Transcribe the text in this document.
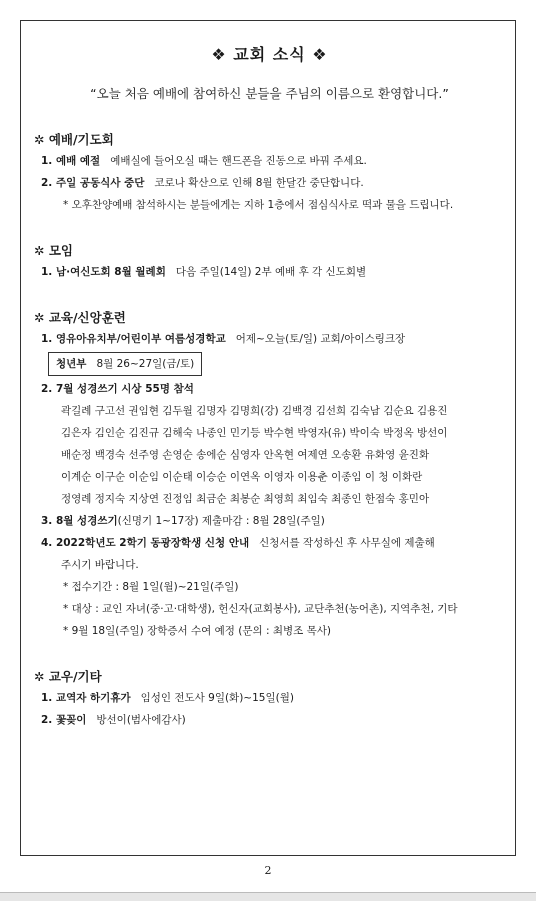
❖ 교회 소식 ❖
“오늘 처음 예배에 참여하신 분들을 주님의 이름으로 환영합니다.”
✲ 예배/기도회
1. 예배 예절 예배실에 들어오실 때는 핸드폰을 진동으로 바꿔 주세요.
2. 주일 공동식사 중단 코로나 확산으로 인해 8월 한달간 중단합니다.
* 오후찬양예배 참석하시는 분들에게는 지하 1층에서 점심식사로 떡과 물을 드립니다.
✲ 모임
1. 남·여신도회 8월 월례회 다음 주일(14일) 2부 예배 후 각 신도회별
✲ 교육/신앙훈련
1. 영유아유치부/어린이부 여름성경학교 어제~오늘(토/일) 교회/아이스링크장
청년부 8월 26~27일(금/토)
2. 7월 성경쓰기 시상 55명 참석
곽길례 구고선 권임현 김두월 김명자 김명희(강) 김백경 김선희 김숙남 김순요 김용진
김은자 김인순 김진규 김해숙 나종인 민기등 박수현 박영자(유) 박이숙 박정옥 방선이
배순정 백경숙 선주영 손영순 송에순 심영자 안옥현 여제연 오송환 유화영 윤진화
이계순 이구순 이순임 이순태 이승순 이연옥 이영자 이용춘 이종임 이 청 이화란
정영례 정지숙 지상연 진정임 최금순 최봉순 최영희 최임숙 최종인 한점숙 홍민아
3. 8월 성경쓰기(신명기 1~17장) 제출마감 : 8월 28일(주일)
4. 2022학년도 2학기 동광장학생 신청 안내 신청서를 작성하신 후 사무실에 제출해
주시기 바랍니다.
* 접수기간 : 8월 1일(월)~21일(주일)
* 대상 : 교인 자녀(중·고·대학생), 헌신자(교회봉사), 교단추천(농어촌), 지역추천, 기타
* 9월 18일(주일) 장학증서 수여 예정 (문의 : 최병조 목사)
✲ 교우/기타
1. 교역자 하기휴가 임성인 전도사 9일(화)~15일(월)
2. 꽃꽂이 방선이(범사에감사)
2
